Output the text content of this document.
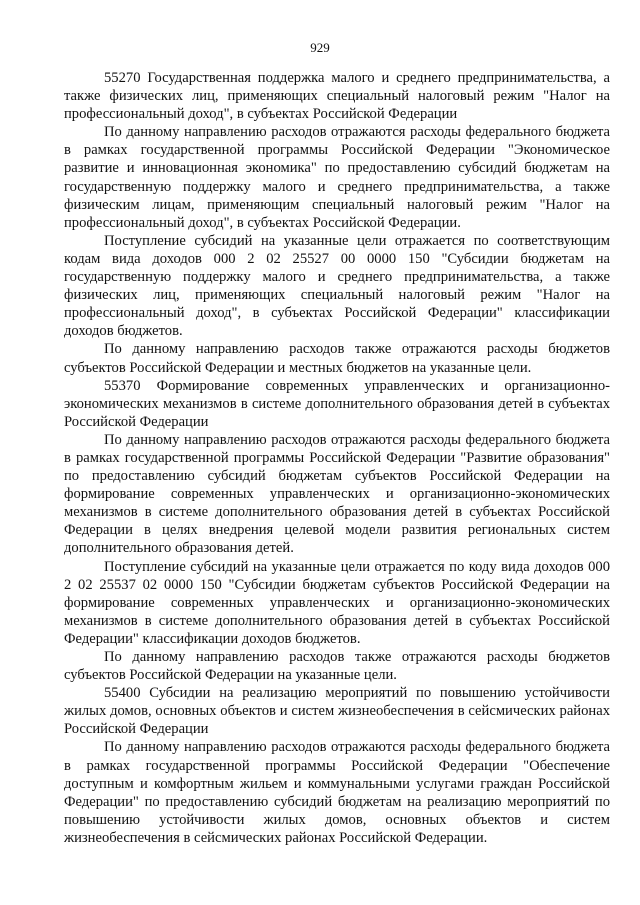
929

55270 Государственная поддержка малого и среднего предпринимательства, а также физических лиц, применяющих специальный налоговый режим "Налог на профессиональный доход", в субъектах Российской Федерации

По данному направлению расходов отражаются расходы федерального бюджета в рамках государственной программы Российской Федерации "Экономическое развитие и инновационная экономика" по предоставлению субсидий бюджетам на государственную поддержку малого и среднего предпринимательства, а также физическим лицам, применяющим специальный налоговый режим "Налог на профессиональный доход", в субъектах Российской Федерации.

Поступление субсидий на указанные цели отражается по соответствующим кодам вида доходов 000 2 02 25527 00 0000 150 "Субсидии бюджетам на государственную поддержку малого и среднего предпринимательства, а также физических лиц, применяющих специальный налоговый режим "Налог на профессиональный доход", в субъектах Российской Федерации" классификации доходов бюджетов.

По данному направлению расходов также отражаются расходы бюджетов субъектов Российской Федерации и местных бюджетов на указанные цели.

55370 Формирование современных управленческих и организационно-экономических механизмов в системе дополнительного образования детей в субъектах Российской Федерации

По данному направлению расходов отражаются расходы федерального бюджета в рамках государственной программы Российской Федерации "Развитие образования" по предоставлению субсидий бюджетам субъектов Российской Федерации на формирование современных управленческих и организационно-экономических механизмов в системе дополнительного образования детей в субъектах Российской Федерации в целях внедрения целевой модели развития региональных систем дополнительного образования детей.

Поступление субсидий на указанные цели отражается по коду вида доходов 000 2 02 25537 02 0000 150 "Субсидии бюджетам субъектов Российской Федерации на формирование современных управленческих и организационно-экономических механизмов в системе дополнительного образования детей в субъектах Российской Федерации" классификации доходов бюджетов.

По данному направлению расходов также отражаются расходы бюджетов субъектов Российской Федерации на указанные цели.

55400 Субсидии на реализацию мероприятий по повышению устойчивости жилых домов, основных объектов и систем жизнеобеспечения в сейсмических районах Российской Федерации

По данному направлению расходов отражаются расходы федерального бюджета в рамках государственной программы Российской Федерации "Обеспечение доступным и комфортным жильем и коммунальными услугами граждан Российской Федерации" по предоставлению субсидий бюджетам на реализацию мероприятий по повышению устойчивости жилых домов, основных объектов и систем жизнеобеспечения в сейсмических районах Российской Федерации.
